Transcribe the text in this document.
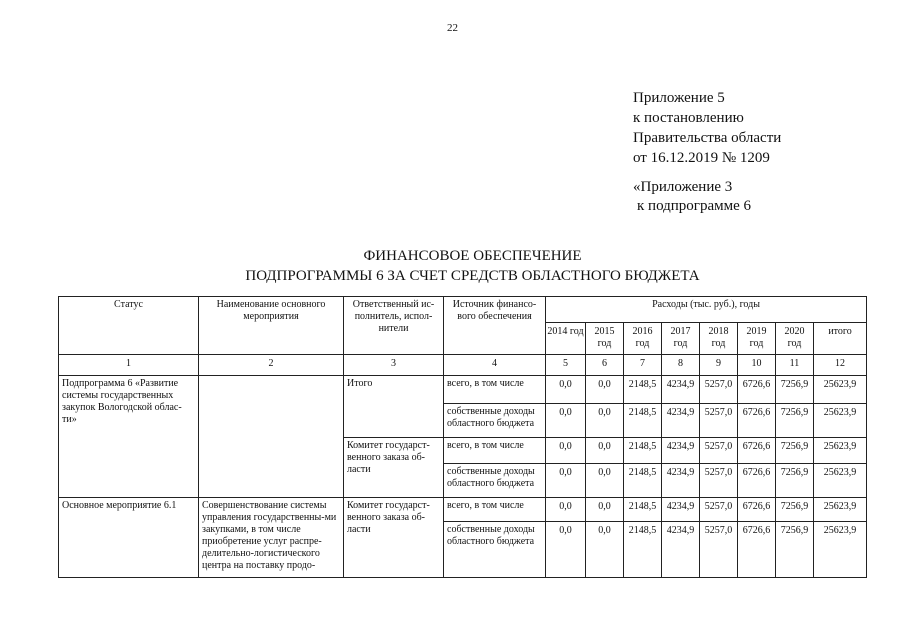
22
Приложение 5
к постановлению
Правительства области
от 16.12.2019 № 1209
«Приложение 3
к подпрограмме 6
ФИНАНСОВОЕ ОБЕСПЕЧЕНИЕ
ПОДПРОГРАММЫ 6 ЗА СЧЕТ СРЕДСТВ ОБЛАСТНОГО БЮДЖЕТА
Статус	Наименование основного мероприятия	Ответственный ис-полнитель, испол-нители	Источник финансо-вого обеспечения	Расходы (тыс. руб.), годы							
				2014 год	2015 год	2016 год	2017 год	2018 год	2019 год	2020 год	итого
1	2	3	4	5	6	7	8	9	10	11	12
Подпрограмма 6 «Развитие системы государственных закупок Вологодской облас-ти»		Итого	всего, в том числе	0,0	0,0	2148,5	4234,9	5257,0	6726,6	7256,9	25623,9
			собственные доходы областного бюджета	0,0	0,0	2148,5	4234,9	5257,0	6726,6	7256,9	25623,9
		Комитет государст-венного заказа об-ласти	всего, в том числе	0,0	0,0	2148,5	4234,9	5257,0	6726,6	7256,9	25623,9
			собственные доходы областного бюджета	0,0	0,0	2148,5	4234,9	5257,0	6726,6	7256,9	25623,9
Основное мероприятие 6.1	Совершенствование системы управления государственны-ми закупками, в том числе приобретение услуг распре-делительно-логистического центра на поставку продо-	Комитет государст-венного заказа об-ласти	всего, в том числе	0,0	0,0	2148,5	4234,9	5257,0	6726,6	7256,9	25623,9
			собственные доходы областного бюджета	0,0	0,0	2148,5	4234,9	5257,0	6726,6	7256,9	25623,9
